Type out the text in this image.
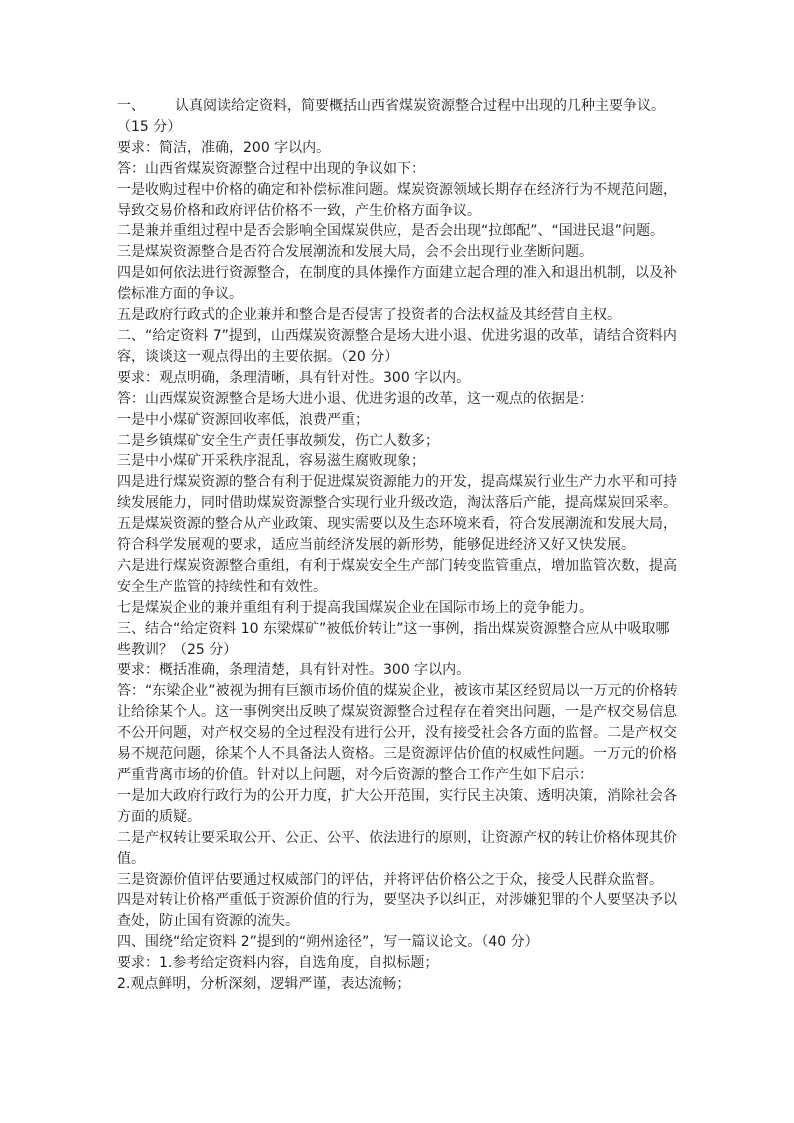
一、 认真阅读给定资料，简要概括山西省煤炭资源整合过程中出现的几种主要争议。
（15 分）

要求：简洁，准确，200 字以内。

答：山西省煤炭资源整合过程中出现的争议如下：

一是收购过程中价格的确定和补偿标准问题。煤炭资源领域长期存在经济行为不规范问题，导致交易价格和政府评估价格不一致，产生价格方面争议。

二是兼并重组过程中是否会影响全国煤炭供应，是否会出现“拉郎配”、“国进民退”问题。

三是煤炭资源整合是否符合发展潮流和发展大局，会不会出现行业垄断问题。

四是如何依法进行资源整合，在制度的具体操作方面建立起合理的准入和退出机制，以及补偿标准方面的争议。

五是政府行政式的企业兼并和整合是否侵害了投资者的合法权益及其经营自主权。

二、“给定资料 7”提到，山西煤炭资源整合是场大进小退、优进劣退的改革，请结合资料内容，谈谈这一观点得出的主要依据。（20 分）

要求：观点明确，条理清晰，具有针对性。300 字以内。

答：山西煤炭资源整合是场大进小退、优进劣退的改革，这一观点的依据是：

一是中小煤矿资源回收率低，浪费严重；

二是乡镇煤矿安全生产责任事故频发，伤亡人数多；

三是中小煤矿开采秩序混乱，容易滋生腐败现象；

四是进行煤炭资源的整合有利于促进煤炭资源能力的开发，提高煤炭行业生产力水平和可持续发展能力，同时借助煤炭资源整合实现行业升级改造，淘汰落后产能，提高煤炭回采率。

五是煤炭资源的整合从产业政策、现实需要以及生态环境来看，符合发展潮流和发展大局，符合科学发展观的要求，适应当前经济发展的新形势，能够促进经济又好又快发展。

六是进行煤炭资源整合重组，有利于煤炭安全生产部门转变监管重点，增加监管次数，提高安全生产监管的持续性和有效性。

七是煤炭企业的兼并重组有利于提高我国煤炭企业在国际市场上的竞争能力。

三、结合“给定资料 10 东梁煤矿”被低价转让”这一事例，指出煤炭资源整合应从中吸取哪些教训？（25 分）

要求：概括准确，条理清楚，具有针对性。300 字以内。

答：“东梁企业”被视为拥有巨额市场价值的煤炭企业，被该市某区经贸局以一万元的价格转让给徐某个人。这一事例突出反映了煤炭资源整合过程存在着突出问题，一是产权交易信息不公开问题，对产权交易的全过程没有进行公开，没有接受社会各方面的监督。二是产权交易不规范问题，徐某个人不具备法人资格。三是资源评估价值的权威性问题。一万元的价格严重背离市场的价值。针对以上问题，对今后资源的整合工作产生如下启示：

一是加大政府行政行为的公开力度，扩大公开范围，实行民主决策、透明决策，消除社会各方面的质疑。

二是产权转让要采取公开、公正、公平、依法进行的原则，让资源产权的转让价格体现其价值。

三是资源价值评估要通过权威部门的评估，并将评估价格公之于众，接受人民群众监督。

四是对转让价格严重低于资源价值的行为，要坚决予以纠正，对涉嫌犯罪的个人要坚决予以查处，防止国有资源的流失。

四、围绕“给定资料 2”提到的“朔州途径”，写一篇议论文。（40 分）

要求：1.参考给定资料内容，自选角度，自拟标题；

2.观点鲜明，分析深刻，逻辑严谨，表达流畅；
